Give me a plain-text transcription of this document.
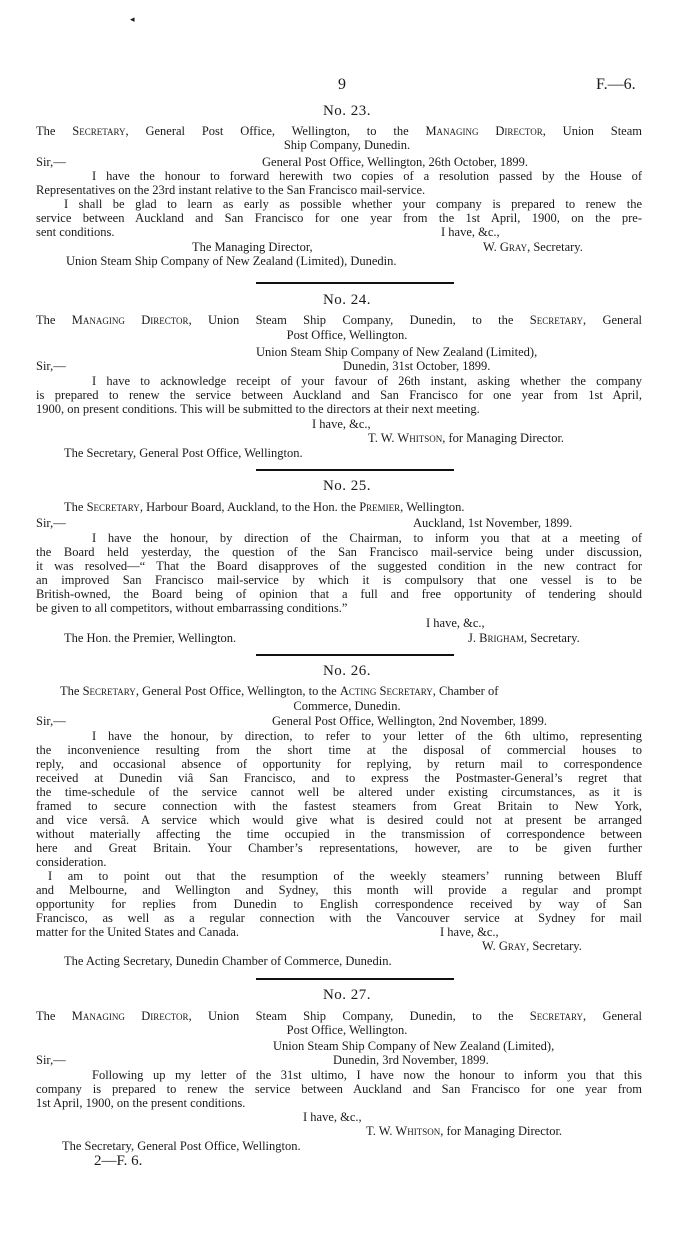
◂
9	F.—6.
No. 23.
The Secretary, General Post Office, Wellington, to the Managing Director, Union Steam
Ship Company, Dunedin.
Sir,—	General Post Office, Wellington, 26th October, 1899.
I have the honour to forward herewith two copies of a resolution passed by the House of
Representatives on the 23rd instant relative to the San Francisco mail-service.
I shall be glad to learn as early as possible whether your company is prepared to renew the
service between Auckland and San Francisco for one year from the 1st April, 1900, on the pre-
sent conditions.	I have, &c.,
The Managing Director,	W. Gray, Secretary.
Union Steam Ship Company of New Zealand (Limited), Dunedin.
No. 24.
The Managing Director, Union Steam Ship Company, Dunedin, to the Secretary, General
Post Office, Wellington.
Union Steam Ship Company of New Zealand (Limited),
Sir,—	Dunedin, 31st October, 1899.
I have to acknowledge receipt of your favour of 26th instant, asking whether the company
is prepared to renew the service between Auckland and San Francisco for one year from 1st April,
1900, on present conditions. This will be submitted to the directors at their next meeting.
I have, &c.,
T. W. Whitson, for Managing Director.
The Secretary, General Post Office, Wellington.
No. 25.
The Secretary, Harbour Board, Auckland, to the Hon. the Premier, Wellington.
Sir,—	Auckland, 1st November, 1899.
I have the honour, by direction of the Chairman, to inform you that at a meeting of
the Board held yesterday, the question of the San Francisco mail-service being under discussion,
it was resolved—“ That the Board disapproves of the suggested condition in the new contract for
an improved San Francisco mail-service by which it is compulsory that one vessel is to be
British-owned, the Board being of opinion that a full and free opportunity of tendering should
be given to all competitors, without embarrassing conditions.”
I have, &c.,
The Hon. the Premier, Wellington.	J. Brigham, Secretary.
No. 26.
The Secretary, General Post Office, Wellington, to the Acting Secretary, Chamber of
Commerce, Dunedin.
Sir,—	General Post Office, Wellington, 2nd November, 1899.
I have the honour, by direction, to refer to your letter of the 6th ultimo, representing
the inconvenience resulting from the short time at the disposal of commercial houses to
reply, and occasional absence of opportunity for replying, by return mail to correspondence
received at Dunedin viâ San Francisco, and to express the Postmaster-General’s regret that
the time-schedule of the service cannot well be altered under existing circumstances, as it is
framed to secure connection with the fastest steamers from Great Britain to New York,
and vice versâ. A service which would give what is desired could not at present be arranged
without materially affecting the time occupied in the transmission of correspondence between
here and Great Britain. Your Chamber’s representations, however, are to be given further
consideration.
I am to point out that the resumption of the weekly steamers’ running between Bluff
and Melbourne, and Wellington and Sydney, this month will provide a regular and prompt
opportunity for replies from Dunedin to English correspondence received by way of San
Francisco, as well as a regular connection with the Vancouver service at Sydney for mail
matter for the United States and Canada.	I have, &c.,
W. Gray, Secretary.
The Acting Secretary, Dunedin Chamber of Commerce, Dunedin.
No. 27.
The Managing Director, Union Steam Ship Company, Dunedin, to the Secretary, General
Post Office, Wellington.
Union Steam Ship Company of New Zealand (Limited),
Sir,—	Dunedin, 3rd November, 1899.
Following up my letter of the 31st ultimo, I have now the honour to inform you that this
company is prepared to renew the service between Auckland and San Francisco for one year from
1st April, 1900, on the present conditions.
I have, &c.,
T. W. Whitson, for Managing Director.
The Secretary, General Post Office, Wellington.
2—F. 6.
